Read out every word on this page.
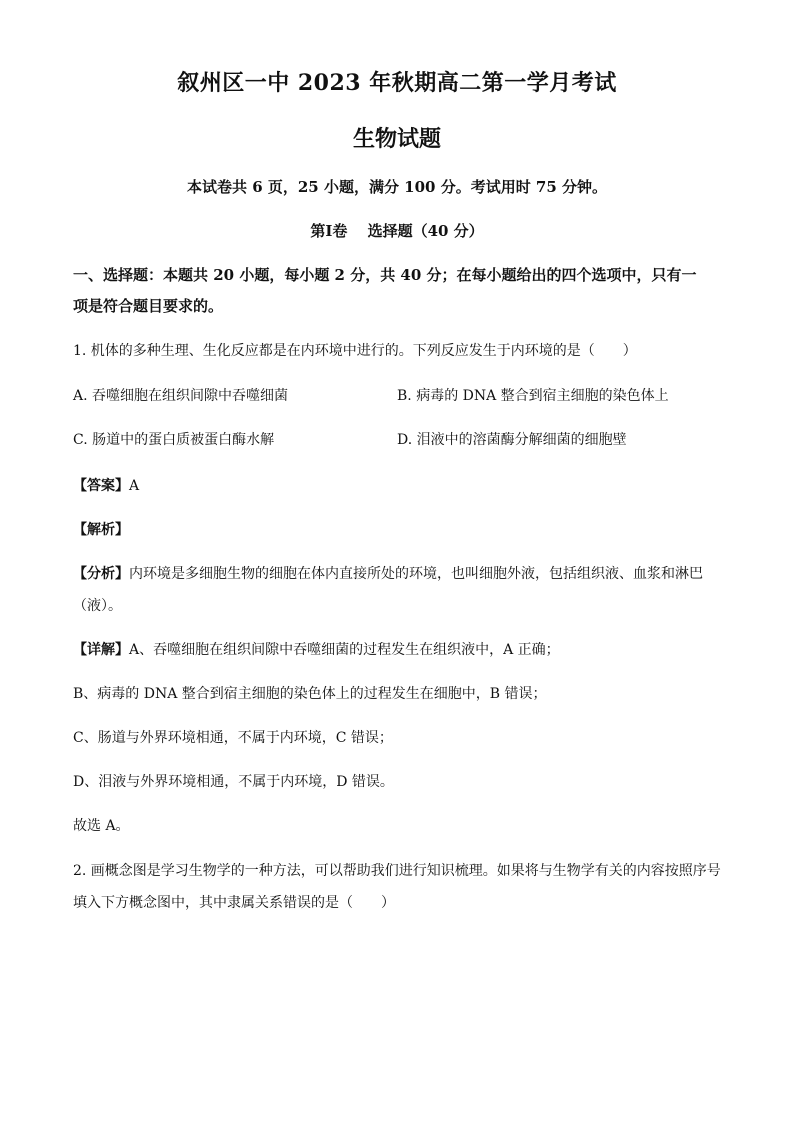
叙州区一中 2023 年秋期高二第一学月考试
生物试题
本试卷共 6 页，25 小题，满分 100 分。考试用时 75 分钟。
第Ⅰ卷　 选择题（40 分）
一、选择题：本题共 20 小题，每小题 2 分，共 40 分；在每小题给出的四个选项中，只有一
项是符合题目要求的。
1. 机体的多种生理、生化反应都是在内环境中进行的。下列反应发生于内环境的是（　　）
A. 吞噬细胞在组织间隙中吞噬细菌	B. 病毒的 DNA 整合到宿主细胞的染色体上
C. 肠道中的蛋白质被蛋白酶水解	D. 泪液中的溶菌酶分解细菌的细胞壁
【答案】A
【解析】
【分析】内环境是多细胞生物的细胞在体内直接所处的环境，也叫细胞外液，包括组织液、血浆和淋巴
（液）。
【详解】A、吞噬细胞在组织间隙中吞噬细菌的过程发生在组织液中，A 正确；
B、病毒的 DNA 整合到宿主细胞的染色体上的过程发生在细胞中，B 错误；
C、肠道与外界环境相通，不属于内环境，C 错误；
D、泪液与外界环境相通，不属于内环境，D 错误。
故选 A。
2. 画概念图是学习生物学的一种方法，可以帮助我们进行知识梳理。如果将与生物学有关的内容按照序号
填入下方概念图中，其中隶属关系错误的是（　　）
